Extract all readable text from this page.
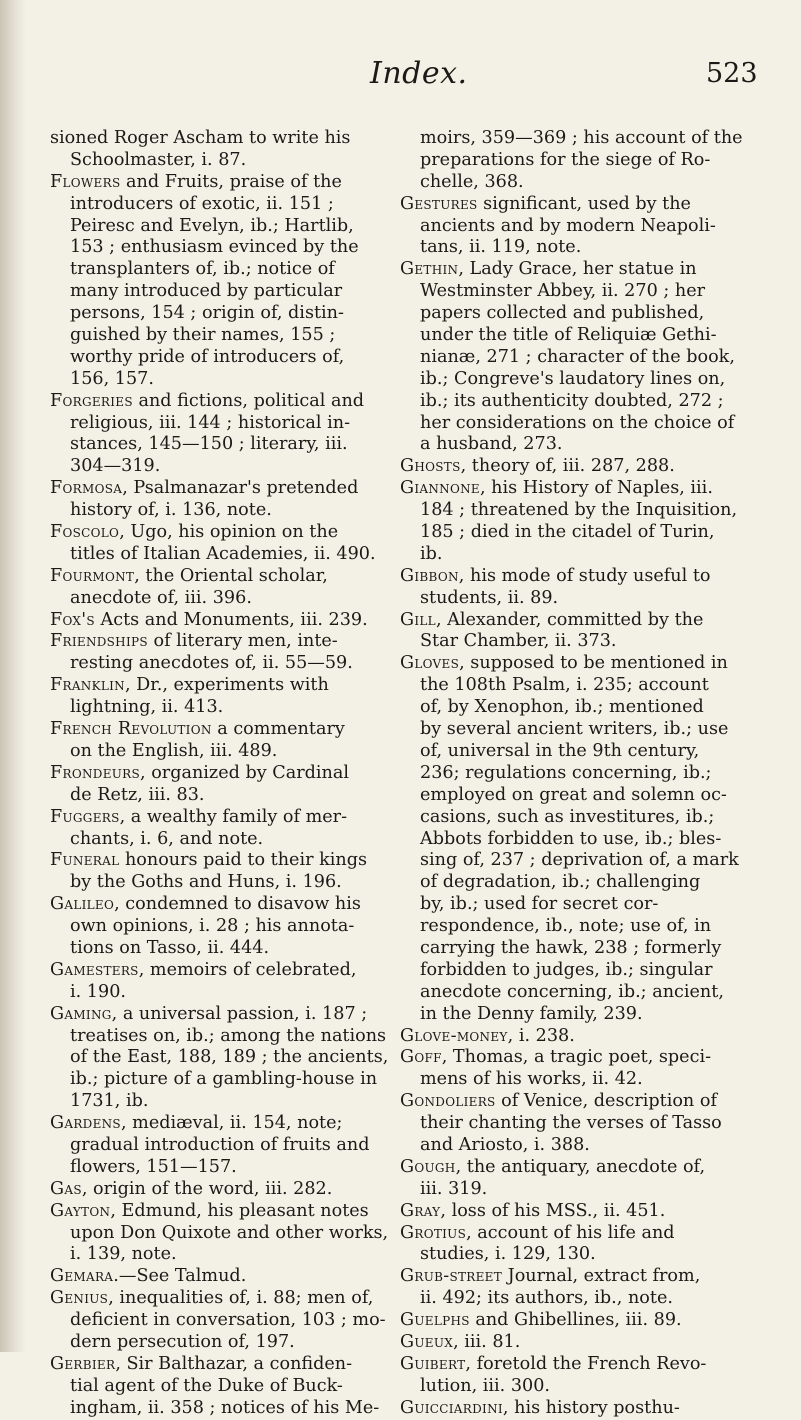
Index.	523
sioned Roger Ascham to write his
Schoolmaster, i. 87.
Flowers and Fruits, praise of the
introducers of exotic, ii. 151 ;
Peiresc and Evelyn, ib.; Hartlib,
153 ; enthusiasm evinced by the
transplanters of, ib.; notice of
many introduced by particular
persons, 154 ; origin of, distin-
guished by their names, 155 ;
worthy pride of introducers of,
156, 157.
Forgeries and fictions, political and
religious, iii. 144 ; historical in-
stances, 145—150 ; literary, iii.
304—319.
Formosa, Psalmanazar's pretended
history of, i. 136, note.
Foscolo, Ugo, his opinion on the
titles of Italian Academies, ii. 490.
Fourmont, the Oriental scholar,
anecdote of, iii. 396.
Fox's Acts and Monuments, iii. 239.
Friendships of literary men, inte-
resting anecdotes of, ii. 55—59.
Franklin, Dr., experiments with
lightning, ii. 413.
French Revolution a commentary
on the English, iii. 489.
Frondeurs, organized by Cardinal
de Retz, iii. 83.
Fuggers, a wealthy family of mer-
chants, i. 6, and note.
Funeral honours paid to their kings
by the Goths and Huns, i. 196.
Galileo, condemned to disavow his
own opinions, i. 28 ; his annota-
tions on Tasso, ii. 444.
Gamesters, memoirs of celebrated,
i. 190.
Gaming, a universal passion, i. 187 ;
treatises on, ib.; among the nations
of the East, 188, 189 ; the ancients,
ib.; picture of a gambling-house in
1731, ib.
Gardens, mediæval, ii. 154, note;
gradual introduction of fruits and
flowers, 151—157.
Gas, origin of the word, iii. 282.
Gayton, Edmund, his pleasant notes
upon Don Quixote and other works,
i. 139, note.
Gemara.—See Talmud.
Genius, inequalities of, i. 88; men of,
deficient in conversation, 103 ; mo-
dern persecution of, 197.
Gerbier, Sir Balthazar, a confiden-
tial agent of the Duke of Buck-
ingham, ii. 358 ; notices of his Me-
moirs, 359—369 ; his account of the
preparations for the siege of Ro-
chelle, 368.
Gestures significant, used by the
ancients and by modern Neapoli-
tans, ii. 119, note.
Gethin, Lady Grace, her statue in
Westminster Abbey, ii. 270 ; her
papers collected and published,
under the title of Reliquiæ Gethi-
nianæ, 271 ; character of the book,
ib.; Congreve's laudatory lines on,
ib.; its authenticity doubted, 272 ;
her considerations on the choice of
a husband, 273.
Ghosts, theory of, iii. 287, 288.
Giannone, his History of Naples, iii.
184 ; threatened by the Inquisition,
185 ; died in the citadel of Turin,
ib.
Gibbon, his mode of study useful to
students, ii. 89.
Gill, Alexander, committed by the
Star Chamber, ii. 373.
Gloves, supposed to be mentioned in
the 108th Psalm, i. 235; account
of, by Xenophon, ib.; mentioned
by several ancient writers, ib.; use
of, universal in the 9th century,
236; regulations concerning, ib.;
employed on great and solemn oc-
casions, such as investitures, ib.;
Abbots forbidden to use, ib.; bles-
sing of, 237 ; deprivation of, a mark
of degradation, ib.; challenging
by, ib.; used for secret cor-
respondence, ib., note; use of, in
carrying the hawk, 238 ; formerly
forbidden to judges, ib.; singular
anecdote concerning, ib.; ancient,
in the Denny family, 239.
Glove-money, i. 238.
Goff, Thomas, a tragic poet, speci-
mens of his works, ii. 42.
Gondoliers of Venice, description of
their chanting the verses of Tasso
and Ariosto, i. 388.
Gough, the antiquary, anecdote of,
iii. 319.
Gray, loss of his MSS., ii. 451.
Grotius, account of his life and
studies, i. 129, 130.
Grub-street Journal, extract from,
ii. 492; its authors, ib., note.
Guelphs and Ghibellines, iii. 89.
Gueux, iii. 81.
Guibert, foretold the French Revo-
lution, iii. 300.
Guicciardini, his history posthu-
